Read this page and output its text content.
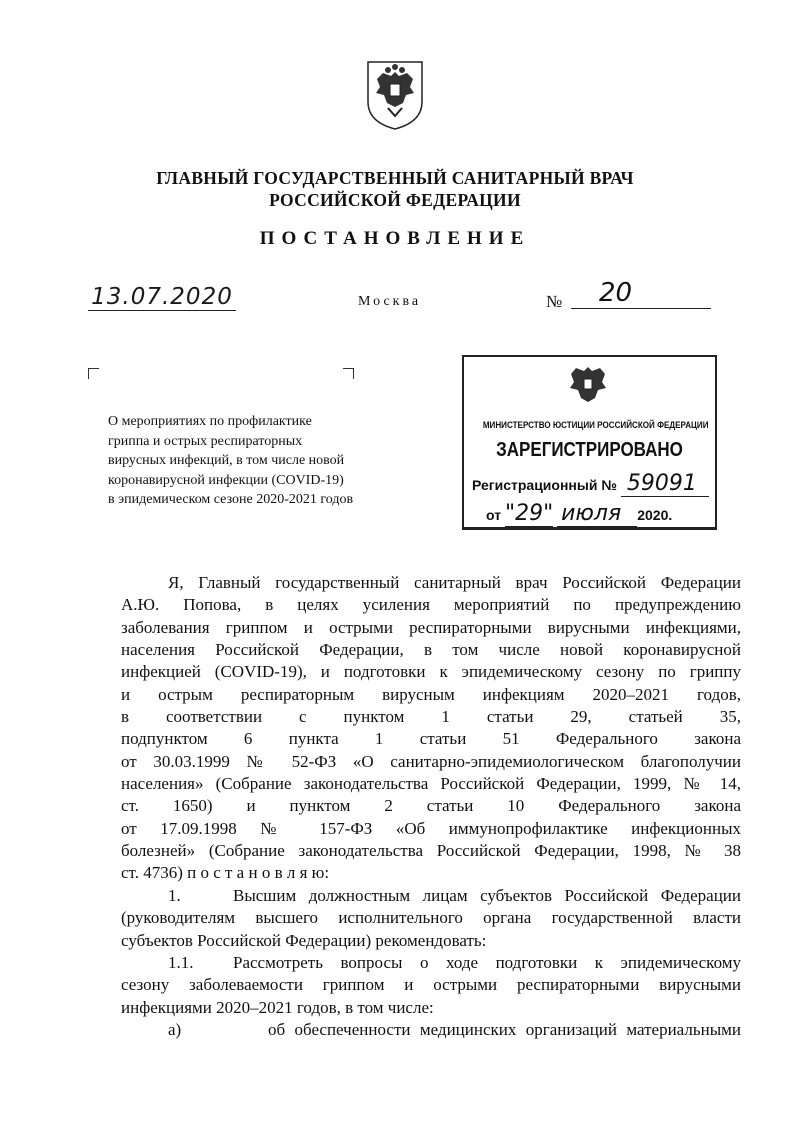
ГЛАВНЫЙ ГОСУДАРСТВЕННЫЙ САНИТАРНЫЙ ВРАЧ
РОССИЙСКОЙ ФЕДЕРАЦИИ
ПОСТАНОВЛЕНИЕ
13.07.2020	Москва	№	20
О мероприятиях по профилактике
гриппа и острых респираторных
вирусных инфекций, в том числе новой
коронавирусной инфекции (COVID-19)
в эпидемическом сезоне 2020-2021 годов
МИНИСТЕРСТВО ЮСТИЦИИ РОССИЙСКОЙ ФЕДЕРАЦИИ
ЗАРЕГИСТРИРОВАНО
Регистрационный № 59091
от "29" июля 2020.
Я, Главный государственный санитарный врач Российской Федерации
А.Ю. Попова, в целях усиления мероприятий по предупреждению
заболевания гриппом и острыми респираторными вирусными инфекциями,
населения Российской Федерации, в том числе новой коронавирусной
инфекцией (COVID-19), и подготовки к эпидемическому сезону по гриппу
и острым респираторным вирусным инфекциям 2020–2021 годов,
в соответствии с пунктом 1 статьи 29, статьей 35,
подпунктом 6 пункта 1 статьи 51 Федерального закона
от 30.03.1999 № 52-ФЗ «О санитарно-эпидемиологическом благополучии
населения» (Собрание законодательства Российской Федерации, 1999, № 14,
ст. 1650) и пунктом 2 статьи 10 Федерального закона
от 17.09.1998 № 157-ФЗ «Об иммунопрофилактике инфекционных
болезней» (Собрание законодательства Российской Федерации, 1998, № 38
ст. 4736) п о с т а н о в л я ю:
1.	Высшим должностным лицам субъектов Российской Федерации
(руководителям высшего исполнительного органа государственной власти
субъектов Российской Федерации) рекомендовать:
1.1.	Рассмотреть вопросы о ходе подготовки к эпидемическому
сезону заболеваемости гриппом и острыми респираторными вирусными
инфекциями 2020–2021 годов, в том числе:
а)	об обеспеченности медицинских организаций материальными
